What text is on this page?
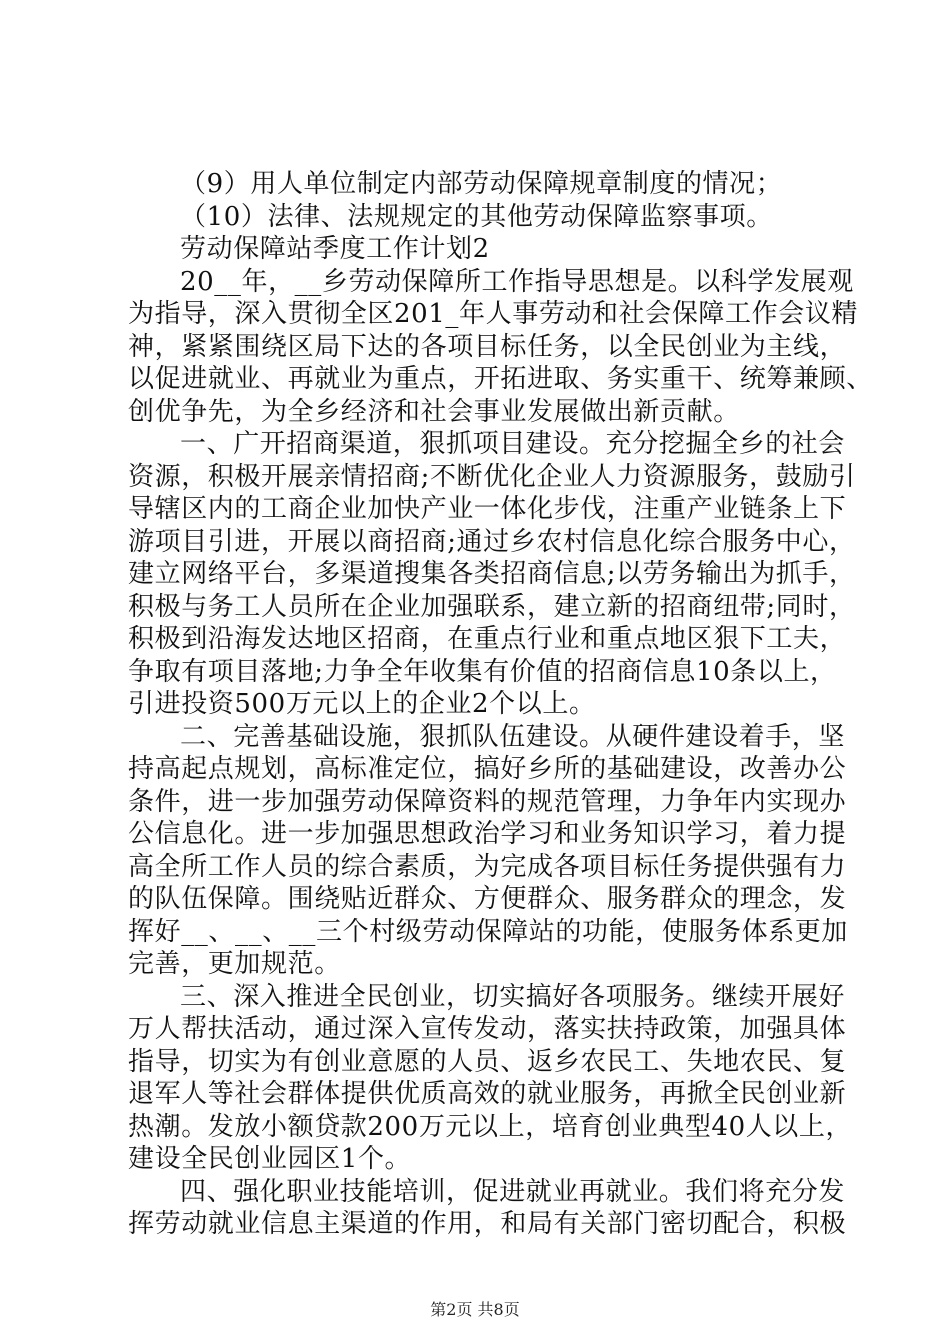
（9）用人单位制定内部劳动保障规章制度的情况；
（10）法律、法规规定的其他劳动保障监察事项。
劳动保障站季度工作计划2
20__年，__乡劳动保障所工作指导思想是。以科学发展观
为指导，深入贯彻全区201_年人事劳动和社会保障工作会议精
神，紧紧围绕区局下达的各项目标任务，以全民创业为主线，
以促进就业、再就业为重点，开拓进取、务实重干、统筹兼顾、
创优争先，为全乡经济和社会事业发展做出新贡献。
一、广开招商渠道，狠抓项目建设。充分挖掘全乡的社会
资源，积极开展亲情招商;不断优化企业人力资源服务，鼓励引
导辖区内的工商企业加快产业一体化步伐，注重产业链条上下
游项目引进，开展以商招商;通过乡农村信息化综合服务中心，
建立网络平台，多渠道搜集各类招商信息;以劳务输出为抓手，
积极与务工人员所在企业加强联系，建立新的招商纽带;同时，
积极到沿海发达地区招商，在重点行业和重点地区狠下工夫，
争取有项目落地;力争全年收集有价值的招商信息10条以上，
引进投资500万元以上的企业2个以上。
二、完善基础设施，狠抓队伍建设。从硬件建设着手，坚
持高起点规划，高标准定位，搞好乡所的基础建设，改善办公
条件，进一步加强劳动保障资料的规范管理，力争年内实现办
公信息化。进一步加强思想政治学习和业务知识学习，着力提
高全所工作人员的综合素质，为完成各项目标任务提供强有力
的队伍保障。围绕贴近群众、方便群众、服务群众的理念，发
挥好__、__、__三个村级劳动保障站的功能，使服务体系更加
完善，更加规范。
三、深入推进全民创业，切实搞好各项服务。继续开展好
万人帮扶活动，通过深入宣传发动，落实扶持政策，加强具体
指导，切实为有创业意愿的人员、返乡农民工、失地农民、复
退军人等社会群体提供优质高效的就业服务，再掀全民创业新
热潮。发放小额贷款200万元以上，培育创业典型40人以上，
建设全民创业园区1个。
四、强化职业技能培训，促进就业再就业。我们将充分发
挥劳动就业信息主渠道的作用，和局有关部门密切配合，积极
第2页 共8页
